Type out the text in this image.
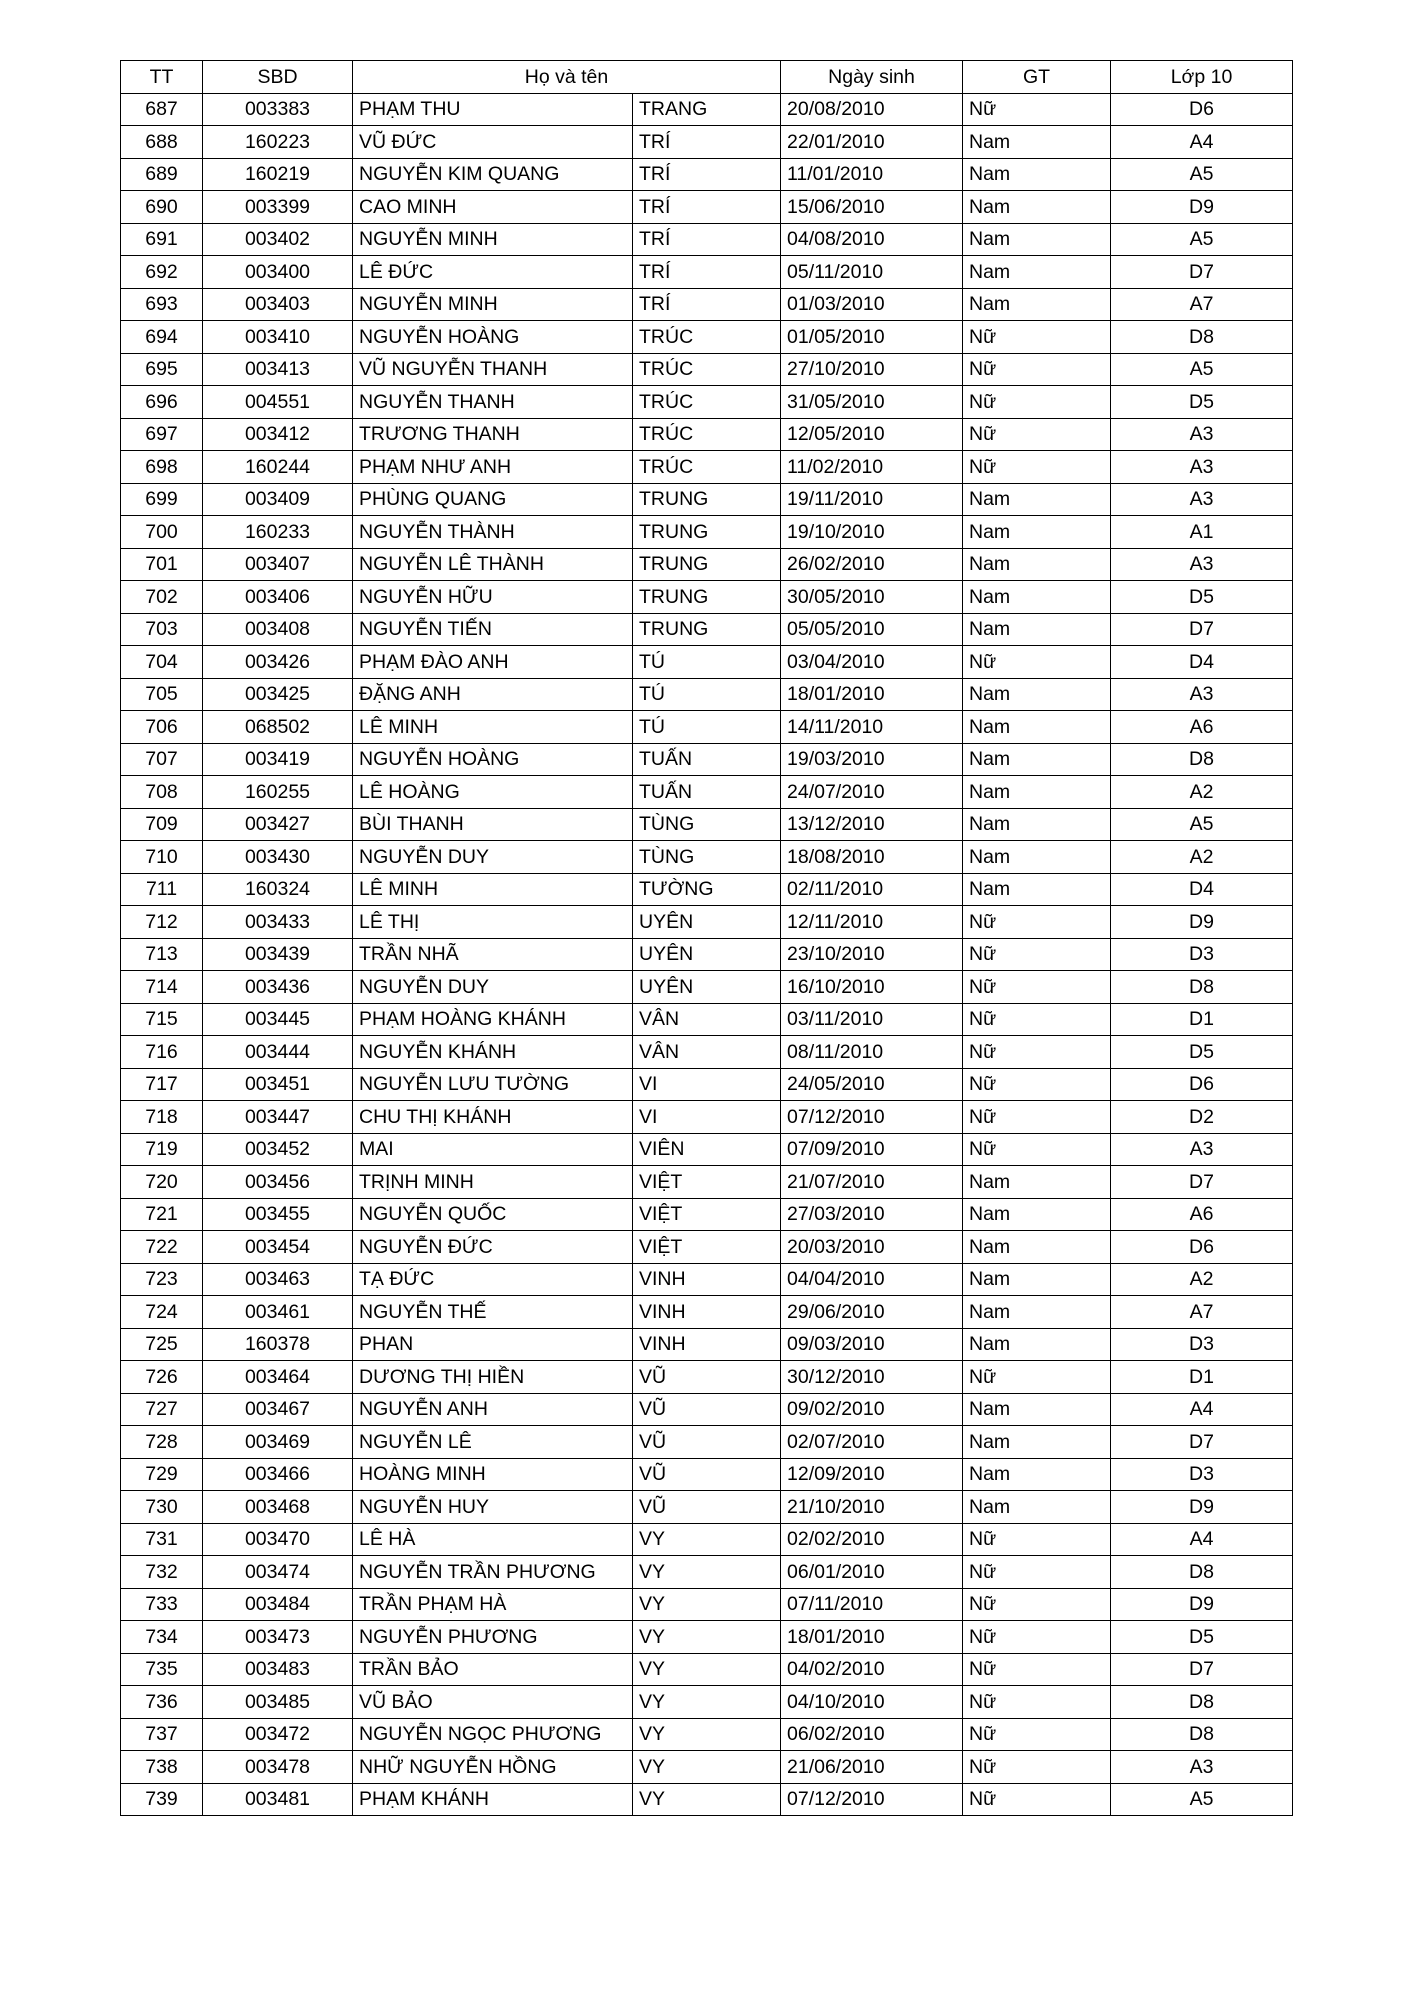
TT	SBD	Họ và tên		Ngày sinh	GT	Lớp 10
687	003383	PHẠM THU	TRANG	20/08/2010	Nữ	D6
688	160223	VŨ ĐỨC	TRÍ	22/01/2010	Nam	A4
689	160219	NGUYỄN KIM QUANG	TRÍ	11/01/2010	Nam	A5
690	003399	CAO MINH	TRÍ	15/06/2010	Nam	D9
691	003402	NGUYỄN MINH	TRÍ	04/08/2010	Nam	A5
692	003400	LÊ ĐỨC	TRÍ	05/11/2010	Nam	D7
693	003403	NGUYỄN MINH	TRÍ	01/03/2010	Nam	A7
694	003410	NGUYỄN HOÀNG	TRÚC	01/05/2010	Nữ	D8
695	003413	VŨ NGUYỄN THANH	TRÚC	27/10/2010	Nữ	A5
696	004551	NGUYỄN THANH	TRÚC	31/05/2010	Nữ	D5
697	003412	TRƯƠNG THANH	TRÚC	12/05/2010	Nữ	A3
698	160244	PHẠM NHƯ ANH	TRÚC	11/02/2010	Nữ	A3
699	003409	PHÙNG QUANG	TRUNG	19/11/2010	Nam	A3
700	160233	NGUYỄN THÀNH	TRUNG	19/10/2010	Nam	A1
701	003407	NGUYỄN LÊ THÀNH	TRUNG	26/02/2010	Nam	A3
702	003406	NGUYỄN HỮU	TRUNG	30/05/2010	Nam	D5
703	003408	NGUYỄN TIẾN	TRUNG	05/05/2010	Nam	D7
704	003426	PHẠM ĐÀO ANH	TÚ	03/04/2010	Nữ	D4
705	003425	ĐẶNG ANH	TÚ	18/01/2010	Nam	A3
706	068502	LÊ MINH	TÚ	14/11/2010	Nam	A6
707	003419	NGUYỄN HOÀNG	TUẤN	19/03/2010	Nam	D8
708	160255	LÊ HOÀNG	TUẤN	24/07/2010	Nam	A2
709	003427	BÙI THANH	TÙNG	13/12/2010	Nam	A5
710	003430	NGUYỄN DUY	TÙNG	18/08/2010	Nam	A2
711	160324	LÊ MINH	TƯỜNG	02/11/2010	Nam	D4
712	003433	LÊ THỊ	UYÊN	12/11/2010	Nữ	D9
713	003439	TRẦN NHÃ	UYÊN	23/10/2010	Nữ	D3
714	003436	NGUYỄN DUY	UYÊN	16/10/2010	Nữ	D8
715	003445	PHẠM HOÀNG KHÁNH	VÂN	03/11/2010	Nữ	D1
716	003444	NGUYỄN KHÁNH	VÂN	08/11/2010	Nữ	D5
717	003451	NGUYỄN LƯU TƯỜNG	VI	24/05/2010	Nữ	D6
718	003447	CHU THỊ KHÁNH	VI	07/12/2010	Nữ	D2
719	003452	MAI	VIÊN	07/09/2010	Nữ	A3
720	003456	TRỊNH MINH	VIỆT	21/07/2010	Nam	D7
721	003455	NGUYỄN QUỐC	VIỆT	27/03/2010	Nam	A6
722	003454	NGUYỄN ĐỨC	VIỆT	20/03/2010	Nam	D6
723	003463	TẠ ĐỨC	VINH	04/04/2010	Nam	A2
724	003461	NGUYỄN THẾ	VINH	29/06/2010	Nam	A7
725	160378	PHAN	VINH	09/03/2010	Nam	D3
726	003464	DƯƠNG THỊ HIỀN	VŨ	30/12/2010	Nữ	D1
727	003467	NGUYỄN ANH	VŨ	09/02/2010	Nam	A4
728	003469	NGUYỄN LÊ	VŨ	02/07/2010	Nam	D7
729	003466	HOÀNG MINH	VŨ	12/09/2010	Nam	D3
730	003468	NGUYỄN HUY	VŨ	21/10/2010	Nam	D9
731	003470	LÊ HÀ	VY	02/02/2010	Nữ	A4
732	003474	NGUYỄN TRẦN PHƯƠNG	VY	06/01/2010	Nữ	D8
733	003484	TRẦN PHẠM HÀ	VY	07/11/2010	Nữ	D9
734	003473	NGUYỄN PHƯƠNG	VY	18/01/2010	Nữ	D5
735	003483	TRẦN BẢO	VY	04/02/2010	Nữ	D7
736	003485	VŨ BẢO	VY	04/10/2010	Nữ	D8
737	003472	NGUYỄN NGỌC PHƯƠNG	VY	06/02/2010	Nữ	D8
738	003478	NHỮ NGUYỄN HỒNG	VY	21/06/2010	Nữ	A3
739	003481	PHẠM KHÁNH	VY	07/12/2010	Nữ	A5
